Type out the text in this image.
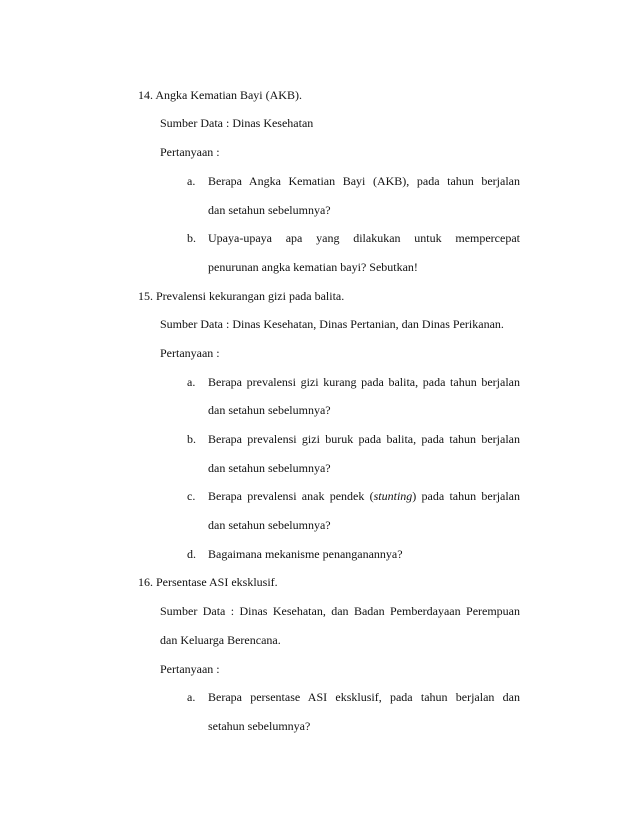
14. Angka Kematian Bayi (AKB).
Sumber Data : Dinas Kesehatan
Pertanyaan :
a. Berapa Angka Kematian Bayi (AKB), pada tahun berjalan
dan setahun sebelumnya?
b. Upaya-upaya apa yang dilakukan untuk mempercepat
penurunan angka kematian bayi? Sebutkan!
15. Prevalensi kekurangan gizi pada balita.
Sumber Data : Dinas Kesehatan, Dinas Pertanian, dan Dinas Perikanan.
Pertanyaan :
a. Berapa prevalensi gizi kurang pada balita, pada tahun berjalan
dan setahun sebelumnya?
b. Berapa prevalensi gizi buruk pada balita, pada tahun berjalan
dan setahun sebelumnya?
c. Berapa prevalensi anak pendek (stunting) pada tahun berjalan
dan setahun sebelumnya?
d. Bagaimana mekanisme penanganannya?
16. Persentase ASI eksklusif.
Sumber Data : Dinas Kesehatan, dan Badan Pemberdayaan Perempuan
dan Keluarga Berencana.
Pertanyaan :
a. Berapa persentase ASI eksklusif, pada tahun berjalan dan
setahun sebelumnya?
